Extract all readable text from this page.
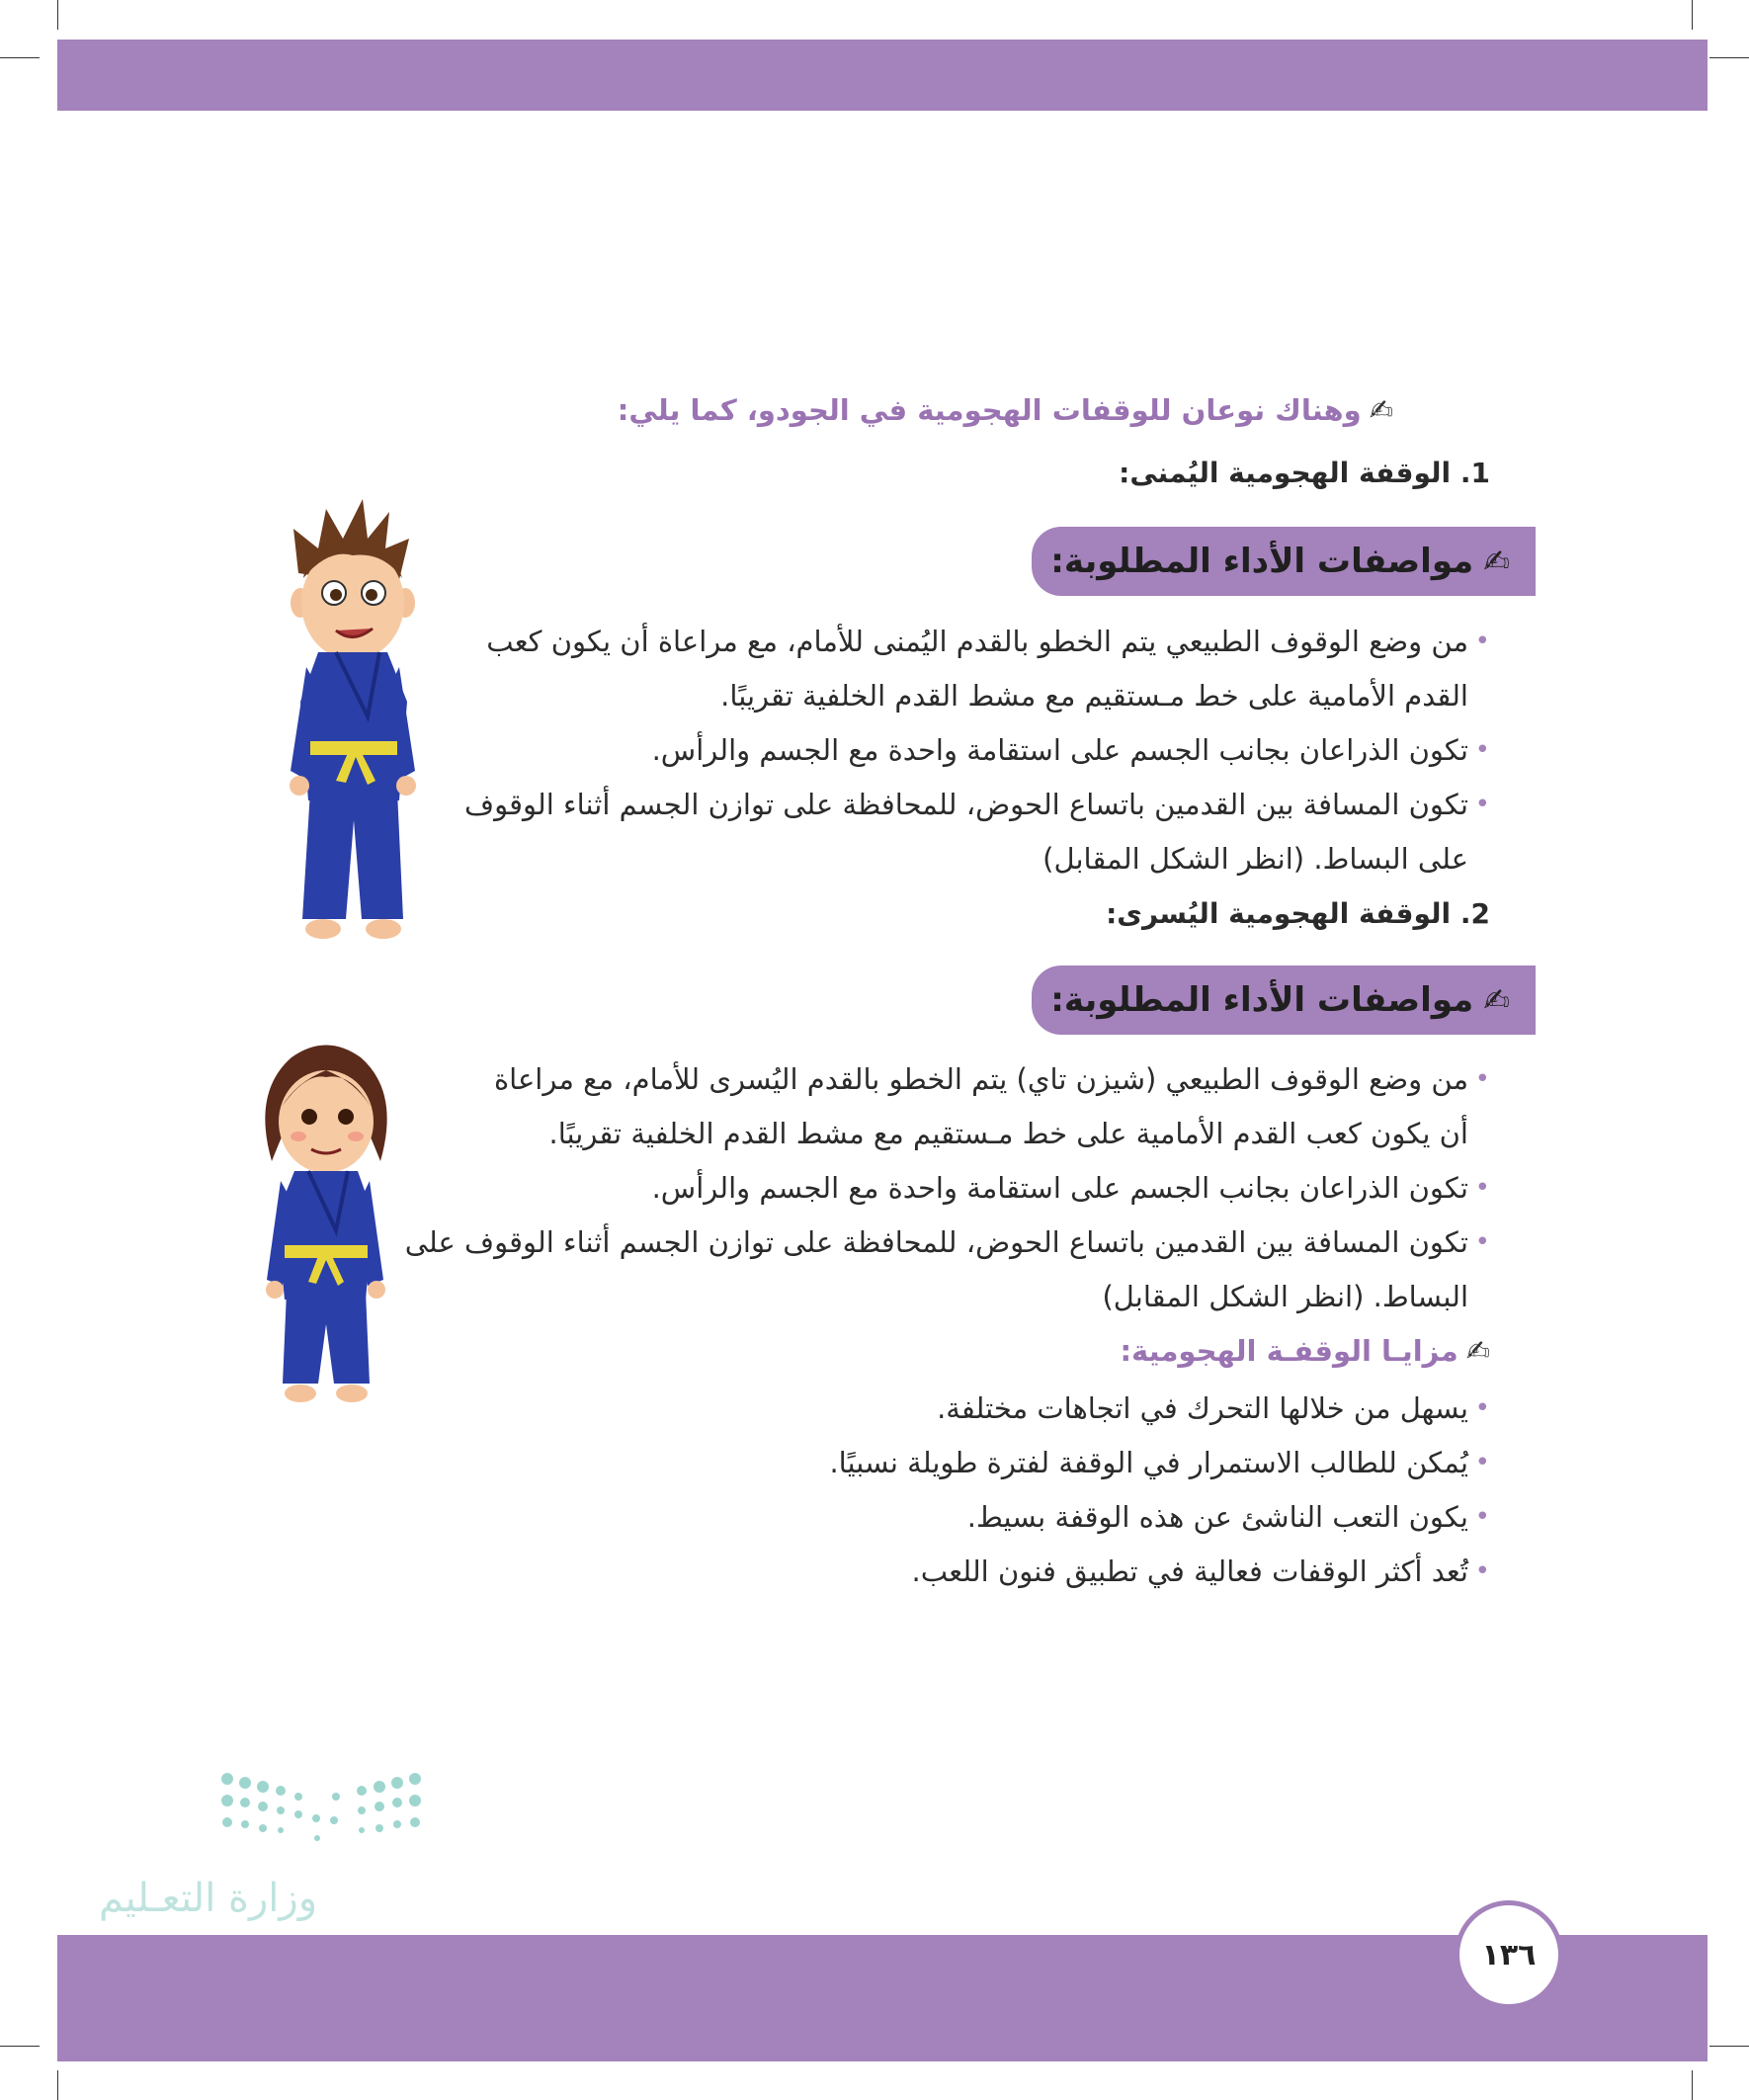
✍وهناك نوعان للوقفات الهجومية في الجودو، كما يلي:
1. الوقفة الهجومية اليُمنى:
✍
مواصفات الأداء المطلوبة:
•
من وضع الوقوف الطبيعي يتم الخطو بالقدم اليُمنى للأمام، مع مراعاة أن يكون كعب
القدم الأمامية على خط مـستقيم مع مشط القدم الخلفية تقريبًا.
•
تكون الذراعان بجانب الجسم على استقامة واحدة مع الجسم والرأس.
•
تكون المسافة بين القدمين باتساع الحوض، للمحافظة على توازن الجسم أثناء الوقوف
على البساط. (انظر الشكل المقابل)
2. الوقفة الهجومية اليُسرى:
✍
مواصفات الأداء المطلوبة:
•
من وضع الوقوف الطبيعي (شيزن تاي) يتم الخطو بالقدم اليُسرى للأمام، مع مراعاة
أن يكون كعب القدم الأمامية على خط مـستقيم مع مشط القدم الخلفية تقريبًا.
•
تكون الذراعان بجانب الجسم على استقامة واحدة مع الجسم والرأس.
•
تكون المسافة بين القدمين باتساع الحوض، للمحافظة على توازن الجسم أثناء الوقوف على
البساط. (انظر الشكل المقابل)
✍مزايـا الوقفـة الهجومية:
•
يسهل من خلالها التحرك في اتجاهات مختلفة.
•
يُمكن للطالب الاستمرار في الوقفة لفترة طويلة نسبيًا.
•
يكون التعب الناشئ عن هذه الوقفة بسيط.
•
تُعد أكثر الوقفات فعالية في تطبيق فنون اللعب.
وزارة التعـليم
١٣٦
